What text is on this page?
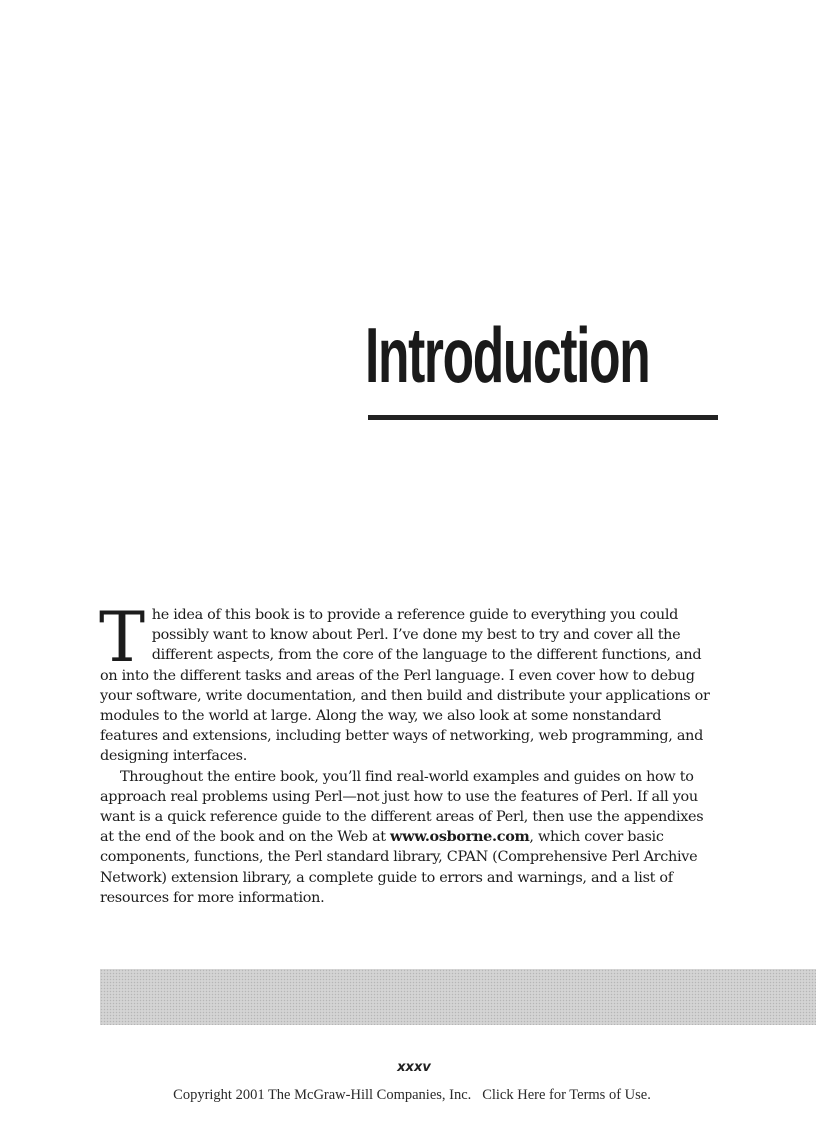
Introduction

The idea of this book is to provide a reference guide to everything you could possibly want to know about Perl. I’ve done my best to try and cover all the different aspects, from the core of the language to the different functions, and on into the different tasks and areas of the Perl language. I even cover how to debug your software, write documentation, and then build and distribute your applications or modules to the world at large. Along the way, we also look at some nonstandard features and extensions, including better ways of networking, web programming, and designing interfaces.

Throughout the entire book, you’ll find real-world examples and guides on how to approach real problems using Perl—not just how to use the features of Perl. If all you want is a quick reference guide to the different areas of Perl, then use the appendixes at the end of the book and on the Web at www.osborne.com, which cover basic components, functions, the Perl standard library, CPAN (Comprehensive Perl Archive Network) extension library, a complete guide to errors and warnings, and a list of resources for more information.

xxxv
Copyright 2001 The McGraw-Hill Companies, Inc. Click Here for Terms of Use.
